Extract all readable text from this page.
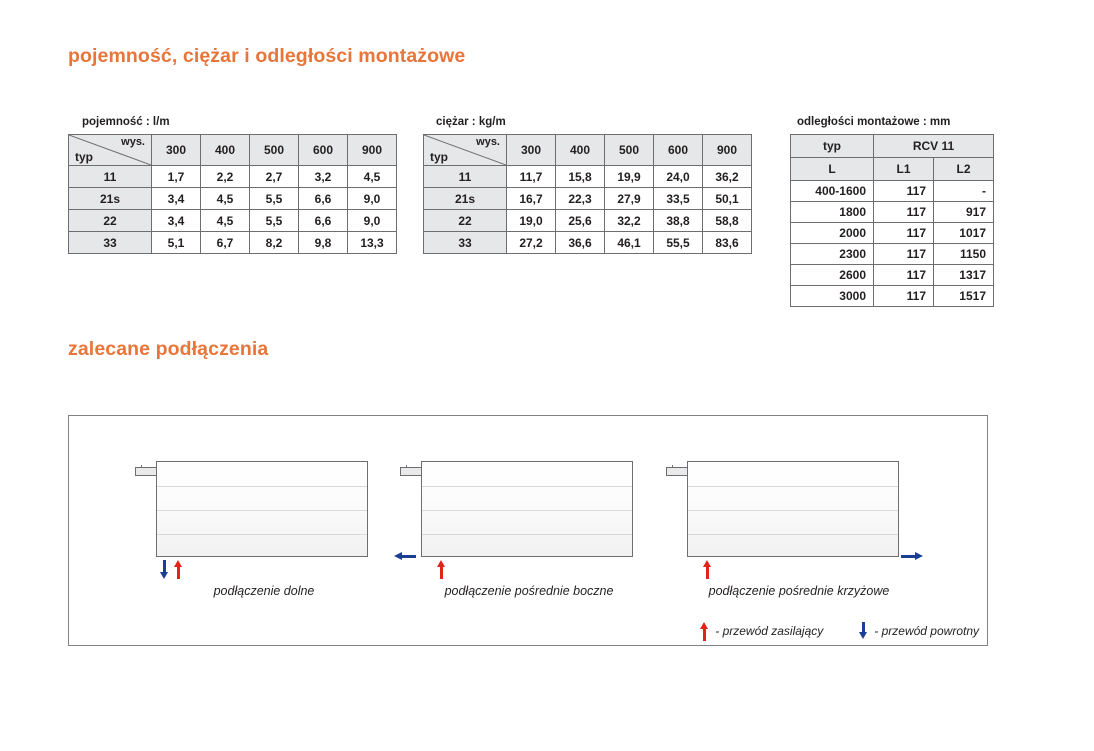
pojemność, ciężar i odległości montażowe
pojemność : l/m	ciężar : kg/m	odległości montażowe : mm
wys.
typ	300	400	500	600	900
11	1,7	2,2	2,7	3,2	4,5
21s	3,4	4,5	5,5	6,6	9,0
22	3,4	4,5	5,5	6,6	9,0
33	5,1	6,7	8,2	9,8	13,3
wys.
typ	300	400	500	600	900
11	11,7	15,8	19,9	24,0	36,2
21s	16,7	22,3	27,9	33,5	50,1
22	19,0	25,6	32,2	38,8	58,8
33	27,2	36,6	46,1	55,5	83,6
typ	RCV 11	
L	L1	L2
400-1600	117	-
1800	117	917
2000	117	1017
2300	117	1150
2600	117	1317
3000	117	1517
zalecane podłączenia
podłączenie dolne	podłączenie pośrednie boczne	podłączenie pośrednie krzyżowe
- przewód zasilający	- przewód powrotny
